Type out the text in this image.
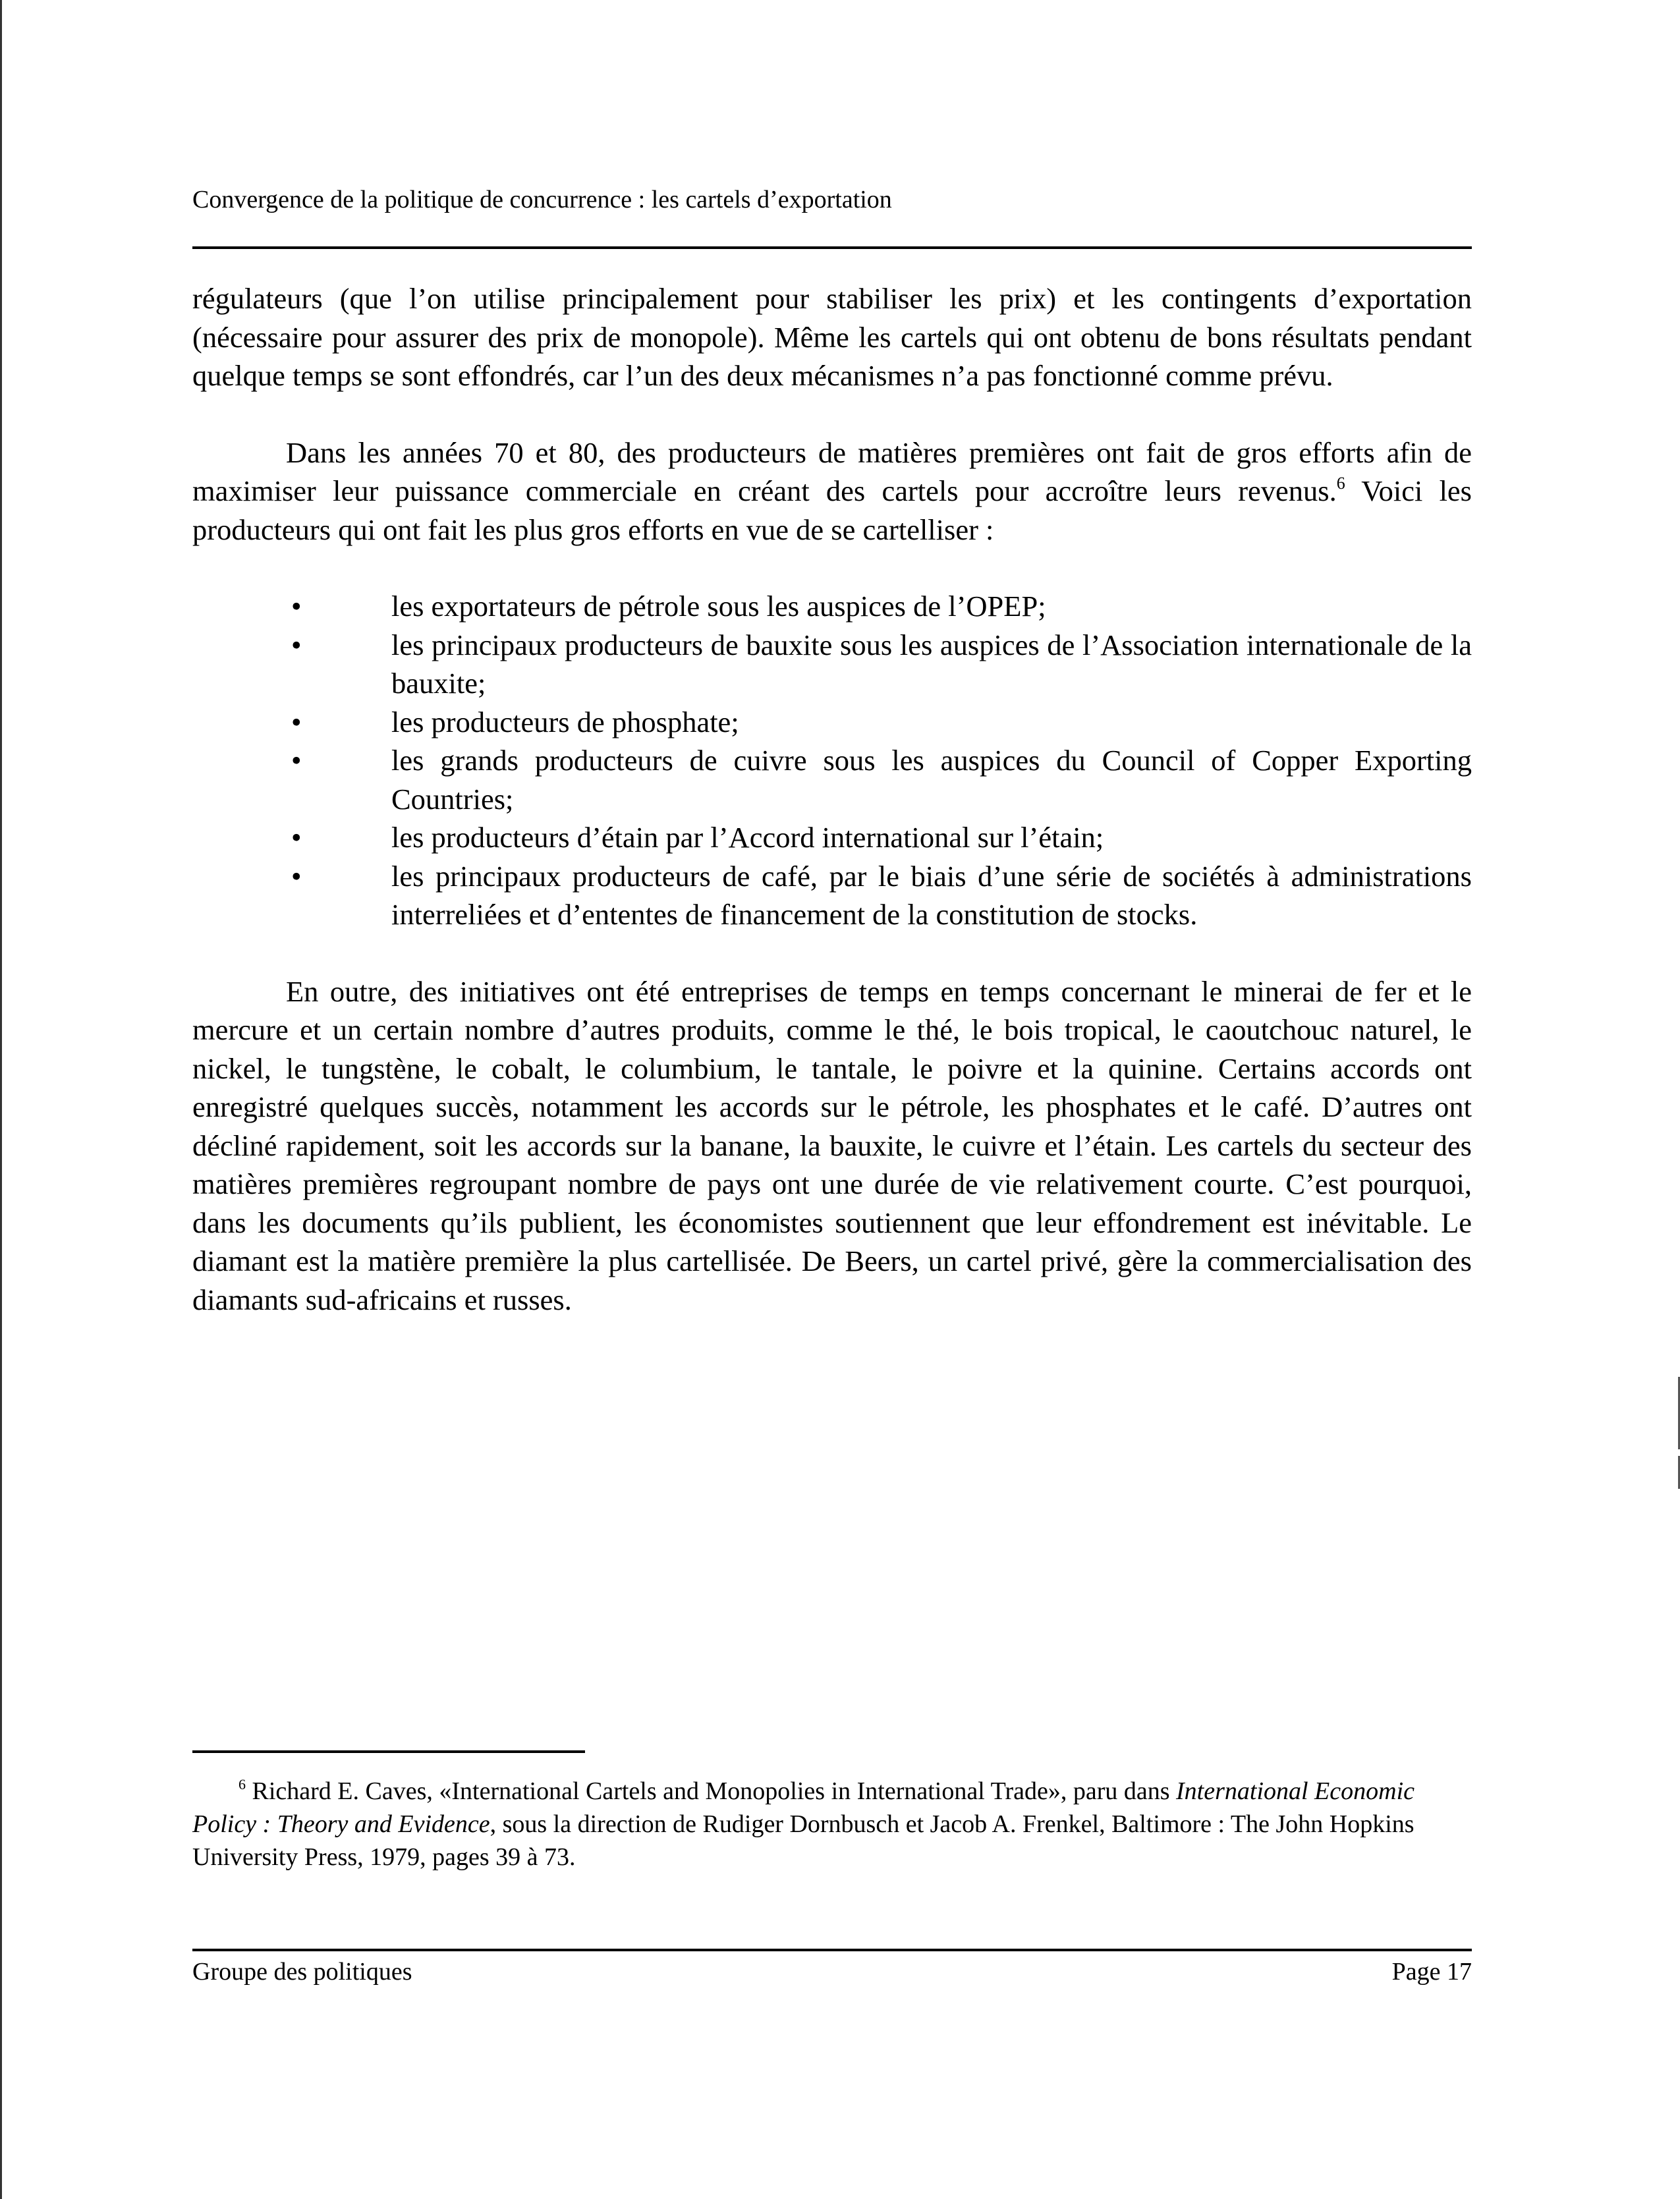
Convergence de la politique de concurrence : les cartels d’exportation

régulateurs (que l’on utilise principalement pour stabiliser les prix) et les contingents d’exportation (nécessaire pour assurer des prix de monopole). Même les cartels qui ont obtenu de bons résultats pendant quelque temps se sont effondrés, car l’un des deux mécanismes n’a pas fonctionné comme prévu.

Dans les années 70 et 80, des producteurs de matières premières ont fait de gros efforts afin de maximiser leur puissance commerciale en créant des cartels pour accroître leurs revenus.$^6$ Voici les producteurs qui ont fait les plus gros efforts en vue de se cartelliser :

•	les exportateurs de pétrole sous les auspices de l’OPEP;
•	les principaux producteurs de bauxite sous les auspices de l’Association internationale de la bauxite;
•	les producteurs de phosphate;
•	les grands producteurs de cuivre sous les auspices du Council of Copper Exporting Countries;
•	les producteurs d’étain par l’Accord international sur l’étain;
•	les principaux producteurs de café, par le biais d’une série de sociétés à administrations interreliées et d’ententes de financement de la constitution de stocks.

En outre, des initiatives ont été entreprises de temps en temps concernant le minerai de fer et le mercure et un certain nombre d’autres produits, comme le thé, le bois tropical, le caoutchouc naturel, le nickel, le tungstène, le cobalt, le columbium, le tantale, le poivre et la quinine. Certains accords ont enregistré quelques succès, notamment les accords sur le pétrole, les phosphates et le café. D’autres ont décliné rapidement, soit les accords sur la banane, la bauxite, le cuivre et l’étain. Les cartels du secteur des matières premières regroupant nombre de pays ont une durée de vie relativement courte. C’est pourquoi, dans les documents qu’ils publient, les économistes soutiennent que leur effondrement est inévitable. Le diamant est la matière première la plus cartellisée. De Beers, un cartel privé, gère la commercialisation des diamants sud-africains et russes.

$^6$ Richard E. Caves, «International Cartels and Monopolies in International Trade», paru dans International Economic Policy : Theory and Evidence, sous la direction de Rudiger Dornbusch et Jacob A. Frenkel, Baltimore : The John Hopkins University Press, 1979, pages 39 à 73.

Groupe des politiques	Page 17
